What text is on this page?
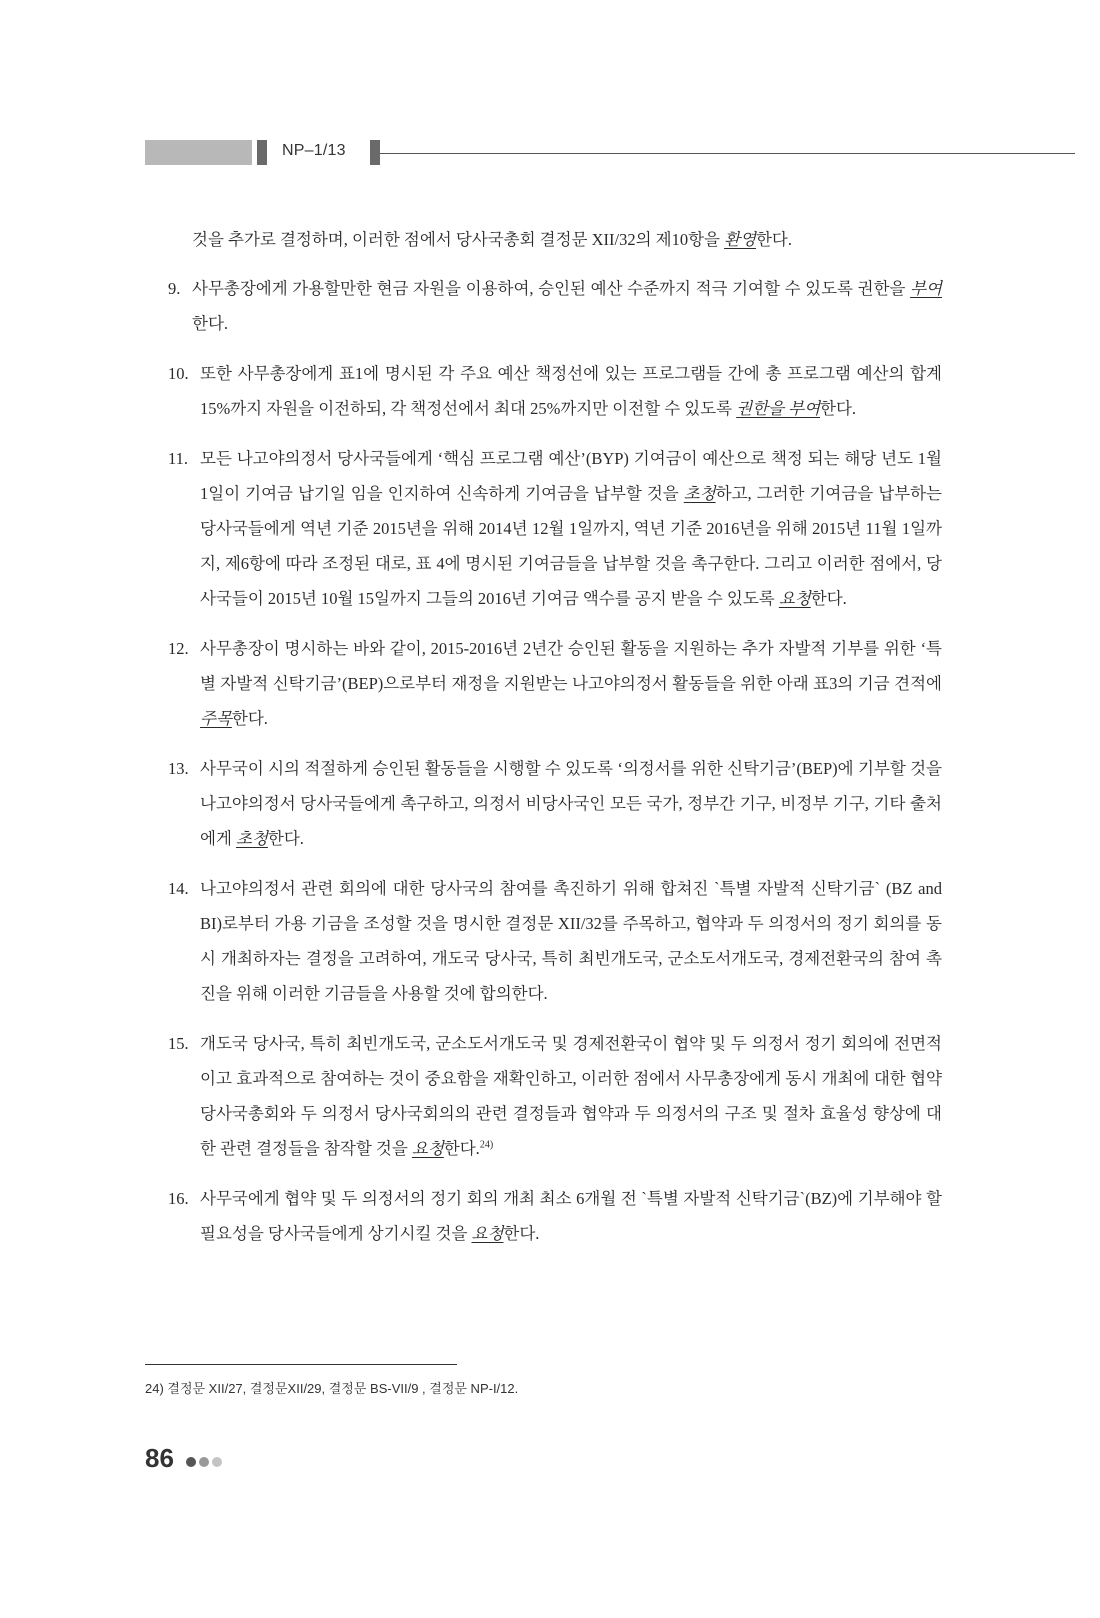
NP–1/13

것을 추가로 결정하며, 이러한 점에서 당사국총회 결정문 XII/32의 제10항을 환영한다.

9. 사무총장에게 가용할만한 현금 자원을 이용하여, 승인된 예산 수준까지 적극 기여할 수 있도록 권한을 부여한다.
10. 또한 사무총장에게 표1에 명시된 각 주요 예산 책정선에 있는 프로그램들 간에 총 프로그램 예산의 합계 15%까지 자원을 이전하되, 각 책정선에서 최대 25%까지만 이전할 수 있도록 권한을 부여한다.
11. 모든 나고야의정서 당사국들에게 ‘핵심 프로그램 예산’(BYP) 기여금이 예산으로 책정 되는 해당 년도 1월 1일이 기여금 납기일 임을 인지하여 신속하게 기여금을 납부할 것을 초청하고, 그러한 기여금을 납부하는 당사국들에게 역년 기준 2015년을 위해 2014년 12월 1일까지, 역년 기준 2016년을 위해 2015년 11월 1일까지, 제6항에 따라 조정된 대로, 표 4에 명시된 기여금들을 납부할 것을 촉구한다. 그리고 이러한 점에서, 당사국들이 2015년 10월 15일까지 그들의 2016년 기여금 액수를 공지 받을 수 있도록 요청한다.
12. 사무총장이 명시하는 바와 같이, 2015-2016년 2년간 승인된 활동을 지원하는 추가 자발적 기부를 위한 ‘특별 자발적 신탁기금’(BEP)으로부터 재정을 지원받는 나고야의정서 활동들을 위한 아래 표3의 기금 견적에 주목한다.
13. 사무국이 시의 적절하게 승인된 활동들을 시행할 수 있도록 ‘의정서를 위한 신탁기금’(BEP)에 기부할 것을 나고야의정서 당사국들에게 촉구하고, 의정서 비당사국인 모든 국가, 정부간 기구, 비정부 기구, 기타 출처에게 초청한다.
14. 나고야의정서 관련 회의에 대한 당사국의 참여를 촉진하기 위해 합쳐진 `특별 자발적 신탁기금` (BZ and BI)로부터 가용 기금을 조성할 것을 명시한 결정문 XII/32를 주목하고, 협약과 두 의정서의 정기 회의를 동시 개최하자는 결정을 고려하여, 개도국 당사국, 특히 최빈개도국, 군소도서개도국, 경제전환국의 참여 촉진을 위해 이러한 기금들을 사용할 것에 합의한다.
15. 개도국 당사국, 특히 최빈개도국, 군소도서개도국 및 경제전환국이 협약 및 두 의정서 정기 회의에 전면적이고 효과적으로 참여하는 것이 중요함을 재확인하고, 이러한 점에서 사무총장에게 동시 개최에 대한 협약 당사국총회와 두 의정서 당사국회의의 관련 결정들과 협약과 두 의정서의 구조 및 절차 효율성 향상에 대한 관련 결정들을 참작할 것을 요청한다.$^{24)}$
16. 사무국에게 협약 및 두 의정서의 정기 회의 개최 최소 6개월 전 `특별 자발적 신탁기금`(BZ)에 기부해야 할 필요성을 당사국들에게 상기시킬 것을 요청한다.
24) 결정문 XII/27, 결정문XII/29, 결정문 BS-VII/9 , 결정문 NP-I/12.
86
